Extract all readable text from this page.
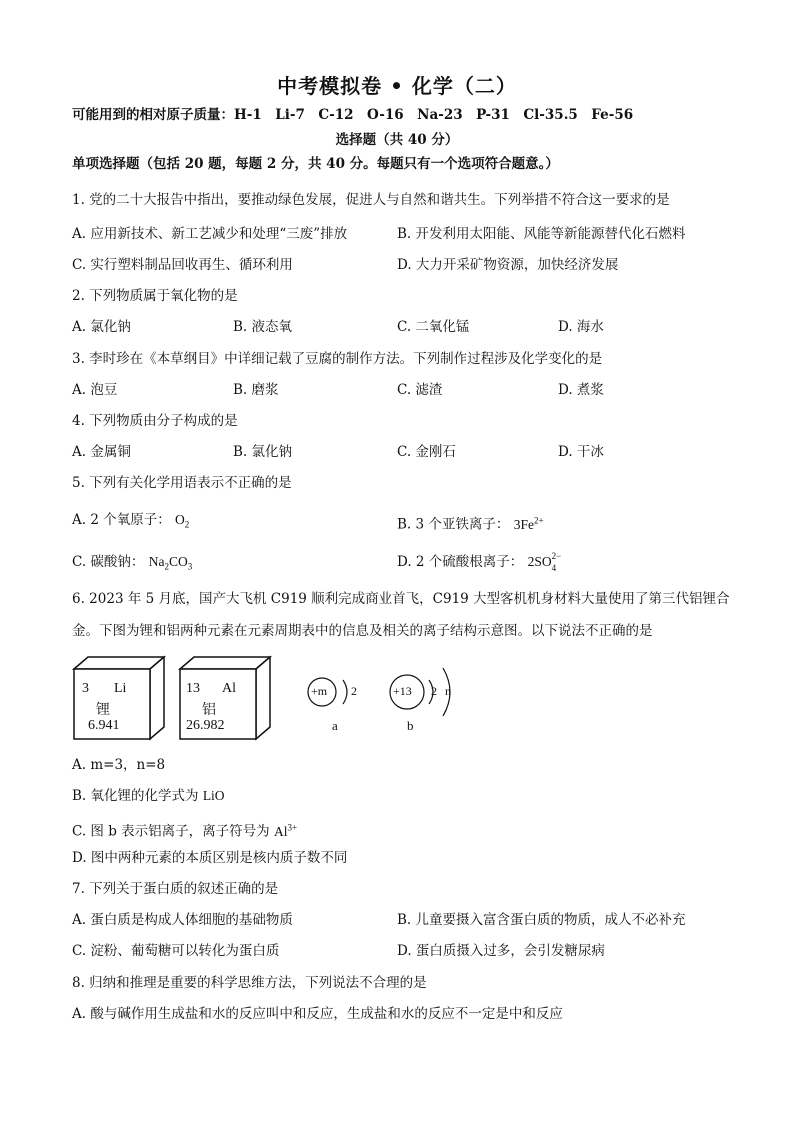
中考模拟卷 • 化学（二）
可能用到的相对原子质量：H-1　Li-7　C-12　O-16　Na-23　P-31　Cl-35.5　Fe-56
选择题（共 40 分）
单项选择题（包括 20 题，每题 2 分，共 40 分。每题只有一个选项符合题意。）
1. 党的二十大报告中指出，要推动绿色发展，促进人与自然和谐共生。下列举措不符合这一要求的是
A. 应用新技术、新工艺减少和处理“三废”排放	B. 开发利用太阳能、风能等新能源替代化石燃料
C. 实行塑料制品回收再生、循环利用	D. 大力开采矿物资源，加快经济发展
2. 下列物质属于氧化物的是
A. 氯化钠	B. 液态氧	C. 二氧化锰	D. 海水
3. 李时珍在《本草纲目》中详细记载了豆腐的制作方法。下列制作过程涉及化学变化的是
A. 泡豆	B. 磨浆	C. 滤渣	D. 煮浆
4. 下列物质由分子构成的是
A. 金属铜	B. 氯化钠	C. 金刚石	D. 干冰
5. 下列有关化学用语表示不正确的是
A. 2 个氧原子： $O_2$	B. 3 个亚铁离子： $3Fe^{2+}$
C. 碳酸钠： $Na_2CO_3$	D. 2 个硫酸根离子： 2SO 2−
4
6. 2023 年 5 月底，国产大飞机 C919 顺利完成商业首飞，C919 大型客机机身材料大量使用了第三代铝锂合
金。下图为锂和铝两种元素在元素周期表中的信息及相关的离子结构示意图。以下说法不正确的是
3 Li
锂
6.941
13 Al
铝
26.982
+m 2
a
+13 2 n
b
A. m=3，n=8
B. 氧化锂的化学式为 LiO
C. 图 b 表示铝离子，离子符号为 $Al^{3+}$
D. 图中两种元素的本质区别是核内质子数不同
7. 下列关于蛋白质的叙述正确的是
A. 蛋白质是构成人体细胞的基础物质	B. 儿童要摄入富含蛋白质的物质，成人不必补充
C. 淀粉、葡萄糖可以转化为蛋白质	D. 蛋白质摄入过多，会引发糖尿病
8. 归纳和推理是重要的科学思维方法，下列说法不合理的是
A. 酸与碱作用生成盐和水的反应叫中和反应，生成盐和水的反应不一定是中和反应
